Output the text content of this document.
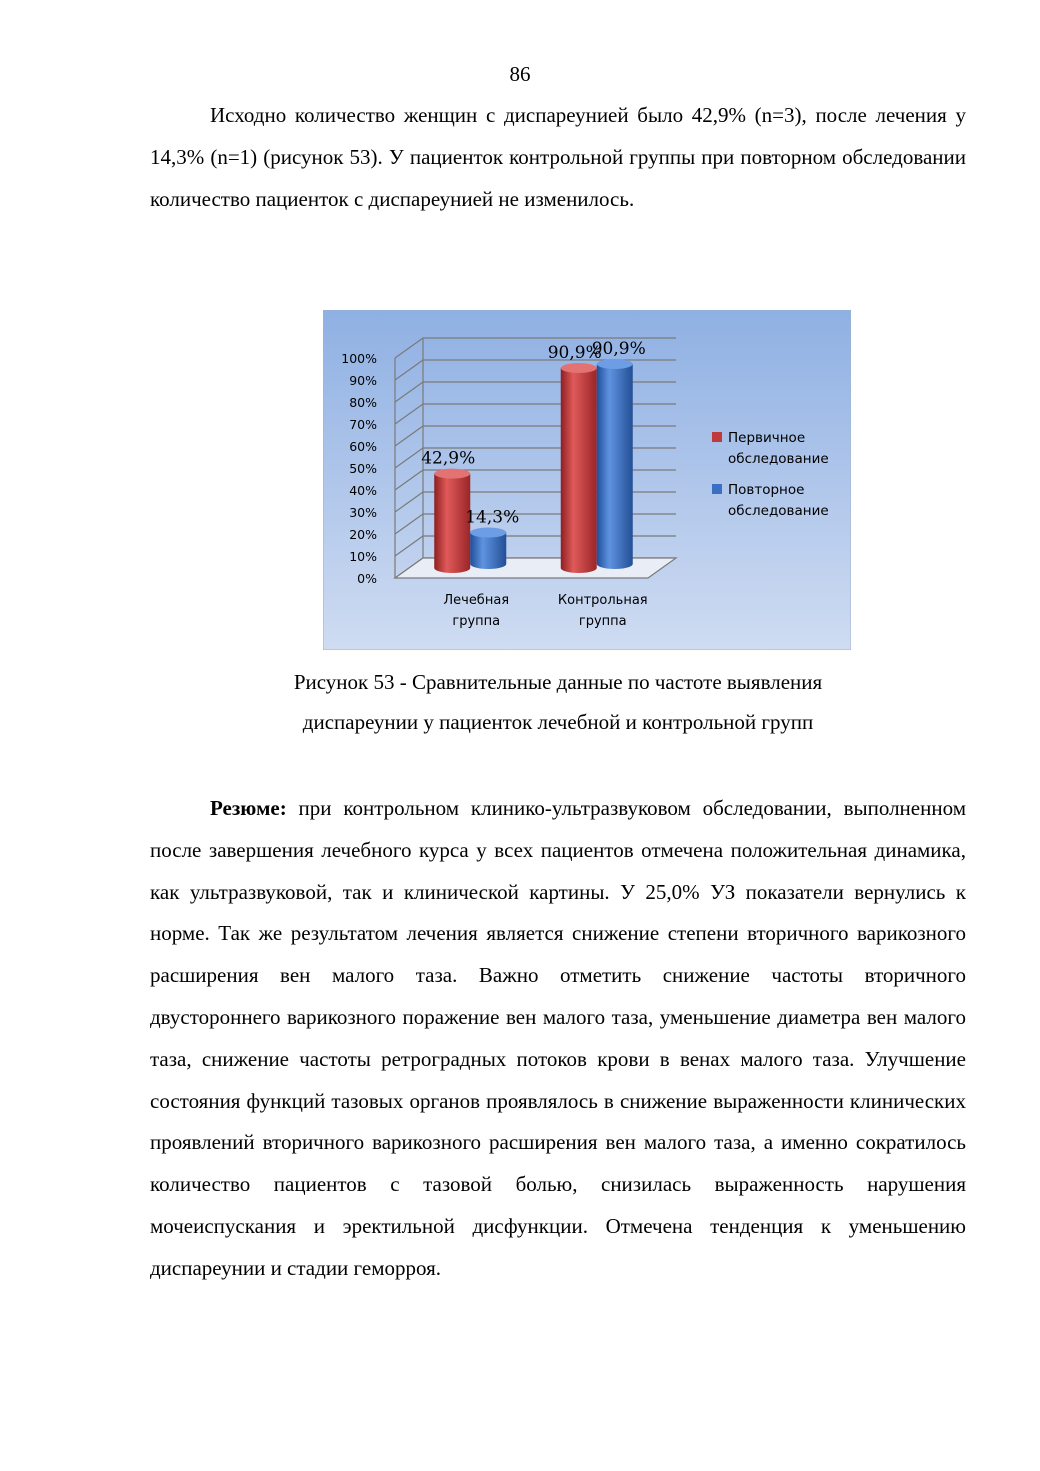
86

Исходно количество женщин с диспареунией было 42,9% (n=3), после лечения у 14,3% (n=1) (рисунок 53). У пациенток контрольной группы при повторном обследовании количество пациенток с диспареунией не изменилось.

0%
10%
20%
30%
40%
50%
60%
70%
80%
90%
100%
Лечебная
группа
Контрольная
группа
42,9%
14,3%
90,9%
90,9%
Первичное
обследование
Повторное
обследование
Рисунок 53 - Сравнительные данные по частоте выявления
диспареунии у пациенток лечебной и контрольной групп

Резюме: при контрольном клинико-ультразвуковом обследовании, выполненном после завершения лечебного курса у всех пациентов отмечена положительная динамика, как ультразвуковой, так и клинической картины. У 25,0% УЗ показатели вернулись к норме. Так же результатом лечения является снижение степени вторичного варикозного расширения вен малого таза. Важно отметить снижение частоты вторичного двустороннего варикозного поражение вен малого таза, уменьшение диаметра вен малого таза, снижение частоты ретроградных потоков крови в венах малого таза. Улучшение состояния функций тазовых органов проявлялось в снижение выраженности клинических проявлений вторичного варикозного расширения вен малого таза, а именно сократилось количество пациентов с тазовой болью, снизилась выраженность нарушения мочеиспускания и эректильной дисфункции. Отмечена тенденция к уменьшению диспареунии и стадии геморроя.
